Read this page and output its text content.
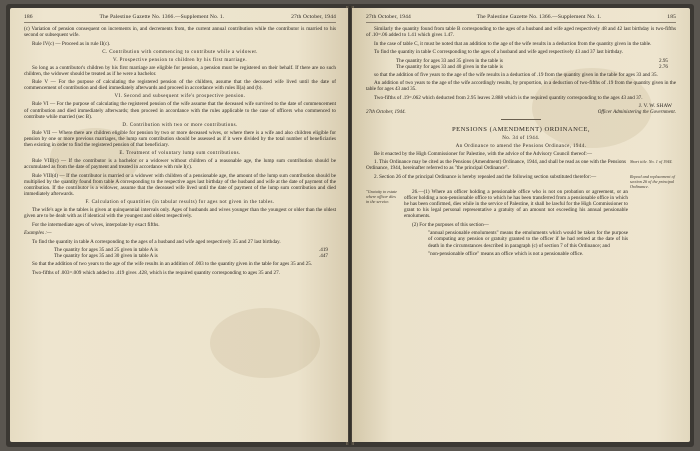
186	The Palestine Gazette No. 1366.—Supplement No. 1.	27th October, 1944

(c) Variation of pension consequent on increments in, and decrements from, the current annual contribution while the contributor is married to his second or subsequent wife.

Rule IV(c) — Proceed as in rule II(c).

C. Contribution with commencing to contribute while a widower.
V. Prospective pension to children by his first marriage.

So long as a contributor's children by his first marriage are eligible for pension, a pension must be registered on their behalf. If there are no such children, the widower should be treated as if he were a bachelor.

Rule V — For the purpose of calculating the registered pension of the children, assume that the deceased wife lived until the date of commencement of contribution and died immediately afterwards and proceed in accordance with rules II(a) and (b).

VI. Second and subsequent wife's prospective pension.

Rule VI — For the purpose of calculating the registered pension of the wife assume that the deceased wife survived to the date of commencement of contribution and died immediately afterwards; then proceed in accordance with the rules applicable to the case of officers who commenced to contribute while married (sec B).

D. Contribution with two or more contributions.

Rule VII — Where there are children eligible for pension by two or more deceased wives, or where there is a wife and also children eligible for pension by one or more previous marriages, the lump sum contribution should be assessed as if it were divided by the total number of beneficiaries then existing in order to find the registered pension of that beneficiary.

E. Treatment of voluntary lump sum contributions.

Rule VIII(c) — If the contributor is a bachelor or a widower without children of a reasonable age, the lump sum contribution should be accumulated as from the date of payment and treated in accordance with rule I(c).

Rule VIII(d) — If the contributor is married or a widower with children of a pensionable age, the amount of the lump sum contribution should be multiplied by the quantity found from table A corresponding to the respective ages last birthday of the husband and wife at the date of payment of the contribution. If the contributor is a widower, assume that the deceased wife lived until the date of payment of the lump sum contribution and died immediately afterwards.

F. Calculation of quantities (in tabular results) for ages not given in the tables.

The wife's age in the tables is given at quinquennial intervals only. Ages of husbands and wives younger than the youngest or older than the oldest given are to be dealt with as if identical with the youngest and oldest respectively.

For the intermediate ages of wives, interpolate by exact fifths.

Examples :—

To find the quantity in table A corresponding to the ages of a husband and wife aged respectively 35 and 27 last birthday.

The quantity for ages 35 and 25 given in table A is	.419
The quantity for ages 35 and 30 given in table A is	.447

So that the addition of two years to the age of the wife results in an addition of .003 to the quantity given in the table for ages 35 and 25.

Two-fifths of .003=.009 which added to .419 gives .428, which is the required quantity corresponding to ages 35 and 27.

27th October, 1944	The Palestine Gazette No. 1366.—Supplement No. 1.	185

Similarly the quantity found from table B corresponding to the ages of a husband and wife aged respectively 48 and 42 last birthday is two-fifths of .10=.06 added to 1.41 which gives 1.47.

In the case of table C, it must be noted that an addition to the age of the wife results in a deduction from the quantity given in the table.

To find the quantity in table C corresponding to the ages of a husband and wife aged respectively 43 and 37 last birthday.

The quantity for ages 33 and 35 given in the table is	2.95
The quantity for ages 33 and 40 given in the table is	2.76

so that the addition of five years to the age of the wife results in a deduction of .19 from the quantity given in the table for ages 33 and 35.

An addition of two years to the age of the wife accordingly results, by proportion, in a deduction of two-fifths of .19 from the quantity given in the table for ages 43 and 35.

Two-fifths of .19=.062 which deducted from 2.95 leaves 2.888 which is the required quantity corresponding to the ages 43 and 37.

J. V. W. SHAW
27th October, 1944.	Officer Administering the Government.
PENSIONS (AMENDMENT) ORDINANCE,
No. 34 of 1944.
An Ordinance to amend the Pensions Ordinance, 1944.

Be it enacted by the High Commissioner for Palestine, with the advice of the Advisory Council thereof:—

1. This Ordinance may be cited as the Pensions (Amendment) Ordinance, 1944, and shall be read as one with the Pensions Ordinance, 1944, hereinafter referred to as "the principal Ordinance".

Short title. No. 1 of 1944.

2. Section 26 of the principal Ordinance is hereby repealed and the following section substituted therefor:—	Repeal and replacement of section 26 of the principal Ordinance.
"Gratuity to estate where officer dies in the service.

26.—(1) Where an officer holding a pensionable office who is not on probation or agreement, or an officer holding a non-pensionable office to which he has been transferred from a pensionable office in which he has been confirmed, dies while in the service of Palestine, it shall be lawful for the High Commissioner to grant to his legal personal representative a gratuity of an amount not exceeding his annual pensionable emoluments.

(2) For the purposes of this section—

"annual pensionable emoluments" means the emoluments which would be taken for the purpose of computing any pension or gratuity granted to the officer if he had retired at the date of his death in the circumstances described in paragraph (c) of section 7 of this Ordinance; and

"non-pensionable office" means an office which is not a pensionable office.
